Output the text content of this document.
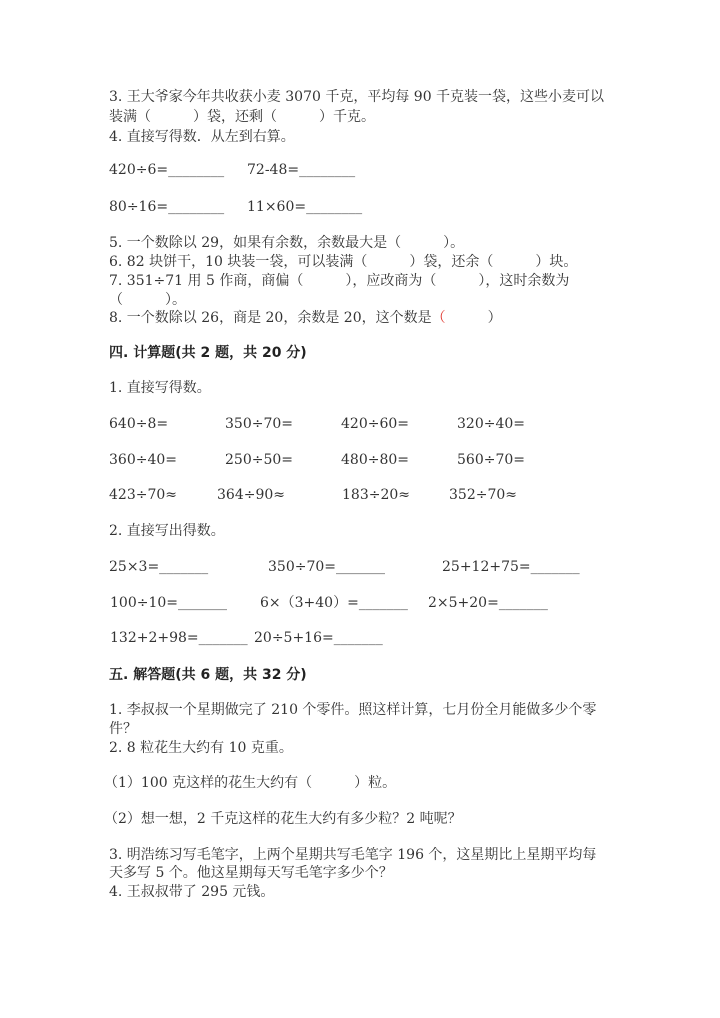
3. 王大爷家今年共收获小麦 3070 千克，平均每 90 千克装一袋，这些小麦可以
装满（　　　）袋，还剩（　　　）千克。
4. 直接写得数．从左到右算。
420÷6=________ 72-48=________
80÷16=________ 11×60=________
5. 一个数除以 29，如果有余数，余数最大是（　　　）。
6. 82 块饼干，10 块装一袋，可以装满（　　　）袋，还余（　　　）块。
7. 351÷71 用 5 作商，商偏（　　　），应改商为（　　　），这时余数为
（　　　）。
四. 计算题(共 2 题，共 20 分)
1. 直接写得数。
640÷8=	350÷70=	420÷60=	320÷40=
360÷40=	250÷50=	480÷80=	560÷70=
423÷70≈	364÷90≈	183÷20≈	352÷70≈
2. 直接写出得数。
25×3=_______	350÷70=_______	25+12+75=_______
100÷10=_______ 6×（3+40）=_______ 2×5+20=_______
132+2+98=_______ 20÷5+16=_______
五. 解答题(共 6 题，共 32 分)
1. 李叔叔一个星期做完了 210 个零件。照这样计算，七月份全月能做多少个零
件？
2. 8 粒花生大约有 10 克重。
（1）100 克这样的花生大约有（　　　）粒。
（2）想一想，2 千克这样的花生大约有多少粒？2 吨呢？
3. 明浩练习写毛笔字，上两个星期共写毛笔字 196 个，这星期比上星期平均每
天多写 5 个。他这星期每天写毛笔字多少个？
4. 王叔叔带了 295 元钱。
8. 一个数除以 26，商是 20，余数是 20，这个数是（　　　）
